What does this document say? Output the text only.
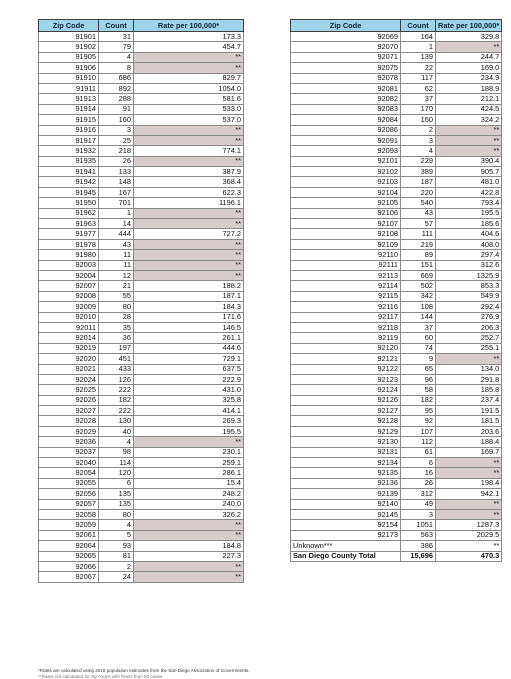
Zip Code	Count	Rate per 100,000*
91901	31	173.3
91902	79	454.7
91905	4	**
91906	8	**
91910	686	829.7
91911	892	1054.0
91913	288	581.6
91914	91	533.0
91915	160	537.0
91916	3	**
91917	25	**
91932	218	774.1
91935	26	**
91941	133	387.9
91942	148	368.4
91945	167	622.3
91950	701	1196.1
91962	1	**
91963	14	**
91977	444	727.2
91978	43	**
91980	11	**
92003	11	**
92004	12	**
92007	21	188.2
92008	55	187.1
92009	80	184.3
92010	28	171.6
92011	35	146.5
92014	36	261.1
92019	197	444.6
92020	451	729.1
92021	433	637.5
92024	126	222.9
92025	222	431.0
92026	182	325.8
92027	222	414.1
92028	130	269.3
92029	40	195.5
92036	4	**
92037	98	230.1
92040	114	259.1
92054	120	286.1
92055	6	15.4
92056	135	248.2
92057	135	240.0
92058	80	326.2
92059	4	**
92061	5	**
92064	93	184.8
92065	81	227.3
92066	2	**
92067	24	**
Zip Code	Count	Rate per 100,000*
92069	164	329.8
92070	1	**
92071	139	244.7
92075	22	169.0
92078	117	234.9
92081	62	188.9
92082	37	212.1
92083	170	424.5
92084	160	324.2
92086	2	**
92091	3	**
92093	4	**
92101	229	390.4
92102	389	905.7
92103	187	481.0
92104	220	422.8
92105	540	793.4
92106	43	195.5
92107	57	185.6
92108	111	404.6
92109	219	408.0
92110	89	297.4
92111	151	312.6
92113	669	1325.9
92114	502	853.3
92115	342	549.9
92116	108	292.4
92117	144	276.9
92118	37	206.3
92119	60	252.7
92120	74	255.1
92121	9	**
92122	65	134.0
92123	96	291.8
92124	58	185.8
92126	182	237.4
92127	95	191.5
92128	92	181.5
92129	107	203.6
92130	112	188.4
92131	61	169.7
92134	6	**
92135	16	**
92136	26	198.4
92139	312	942.1
92140	49	**
92145	3	**
92154	1051	1287.3
92173	563	2029.5
Unknown***	386	**
San Diego County Total	15,696	470.3
*Rates are calculated using 2018 population estimates from the San Diego Association of Governments.
**Rates not calculated for zip codes with fewer than 50 cases.
